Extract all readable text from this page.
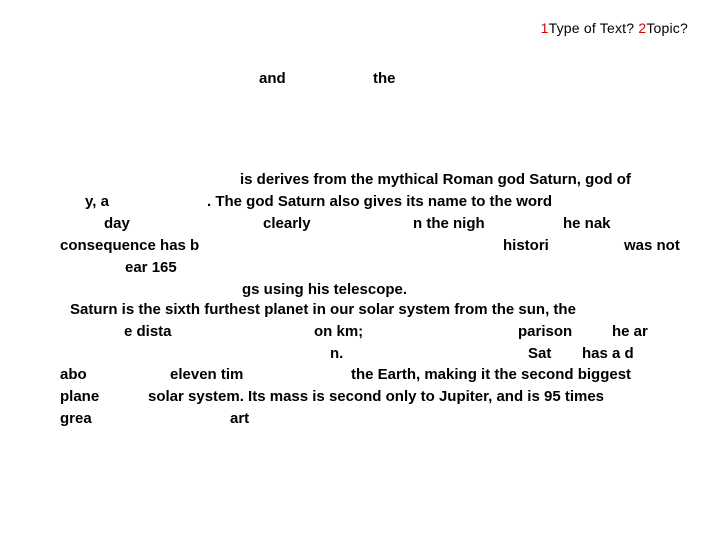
1Type of Text? 2Topic?
and	the
is derives from the mythical Roman god Saturn, god of
y, a	. The god Saturn also gives its name to the word
day	clearly	n the nigh	he nak
consequence has b	histori	was not
ear 165
gs using his telescope.
Saturn is the sixth furthest planet in our solar system from the sun, the
e dista	on km;	parison	he ar
n.	Sat has a d
abo	eleven tim	the Earth, making it the second biggest
plane	solar system. Its mass is second only to Jupiter, and is 95 times
grea	art
